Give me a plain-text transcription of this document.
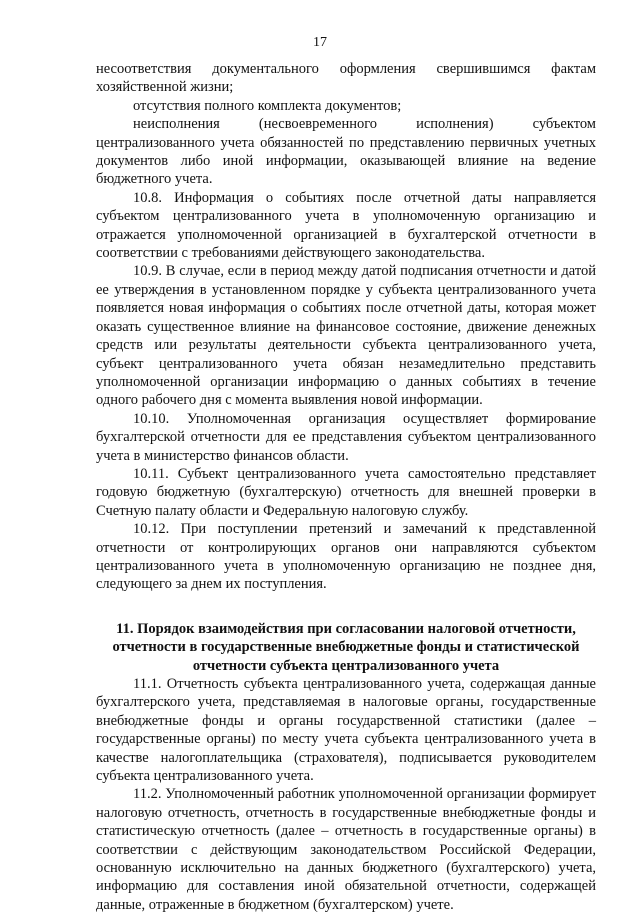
17

несоответствия документального оформления свершившимся фактам хозяйственной жизни;

отсутствия полного комплекта документов;

неисполнения (несвоевременного исполнения) субъектом централизованного учета обязанностей по представлению первичных учетных документов либо иной информации, оказывающей влияние на ведение бюджетного учета.

10.8. Информация о событиях после отчетной даты направляется субъектом централизованного учета в уполномоченную организацию и отражается уполномоченной организацией в бухгалтерской отчетности в соответствии с требованиями действующего законодательства.

10.9. В случае, если в период между датой подписания отчетности и датой ее утверждения в установленном порядке у субъекта централизованного учета появляется новая информация о событиях после отчетной даты, которая может оказать существенное влияние на финансовое состояние, движение денежных средств или результаты деятельности субъекта централизованного учета, субъект централизованного учета обязан незамедлительно представить уполномоченной организации информацию о данных событиях в течение одного рабочего дня с момента выявления новой информации.

10.10. Уполномоченная организация осуществляет формирование бухгалтерской отчетности для ее представления субъектом централизованного учета в министерство финансов области.

10.11. Субъект централизованного учета самостоятельно представляет годовую бюджетную (бухгалтерскую) отчетность для внешней проверки в Счетную палату области и Федеральную налоговую службу.

10.12. При поступлении претензий и замечаний к представленной отчетности от контролирующих органов они направляются субъектом централизованного учета в уполномоченную организацию не позднее дня, следующего за днем их поступления.

11. Порядок взаимодействия при согласовании налоговой отчетности, отчетности в государственные внебюджетные фонды и статистической отчетности субъекта централизованного учета

11.1. Отчетность субъекта централизованного учета, содержащая данные бухгалтерского учета, представляемая в налоговые органы, государственные внебюджетные фонды и органы государственной статистики (далее – государственные органы) по месту учета субъекта централизованного учета в качестве налогоплательщика (страхователя), подписывается руководителем субъекта централизованного учета.

11.2. Уполномоченный работник уполномоченной организации формирует налоговую отчетность, отчетность в государственные внебюджетные фонды и статистическую отчетность (далее – отчетность в государственные органы) в соответствии с действующим законодательством Российской Федерации, основанную исключительно на данных бюджетного (бухгалтерского) учета, информацию для составления иной обязательной отчетности, содержащей данные, отраженные в бюджетном (бухгалтерском) учете.
